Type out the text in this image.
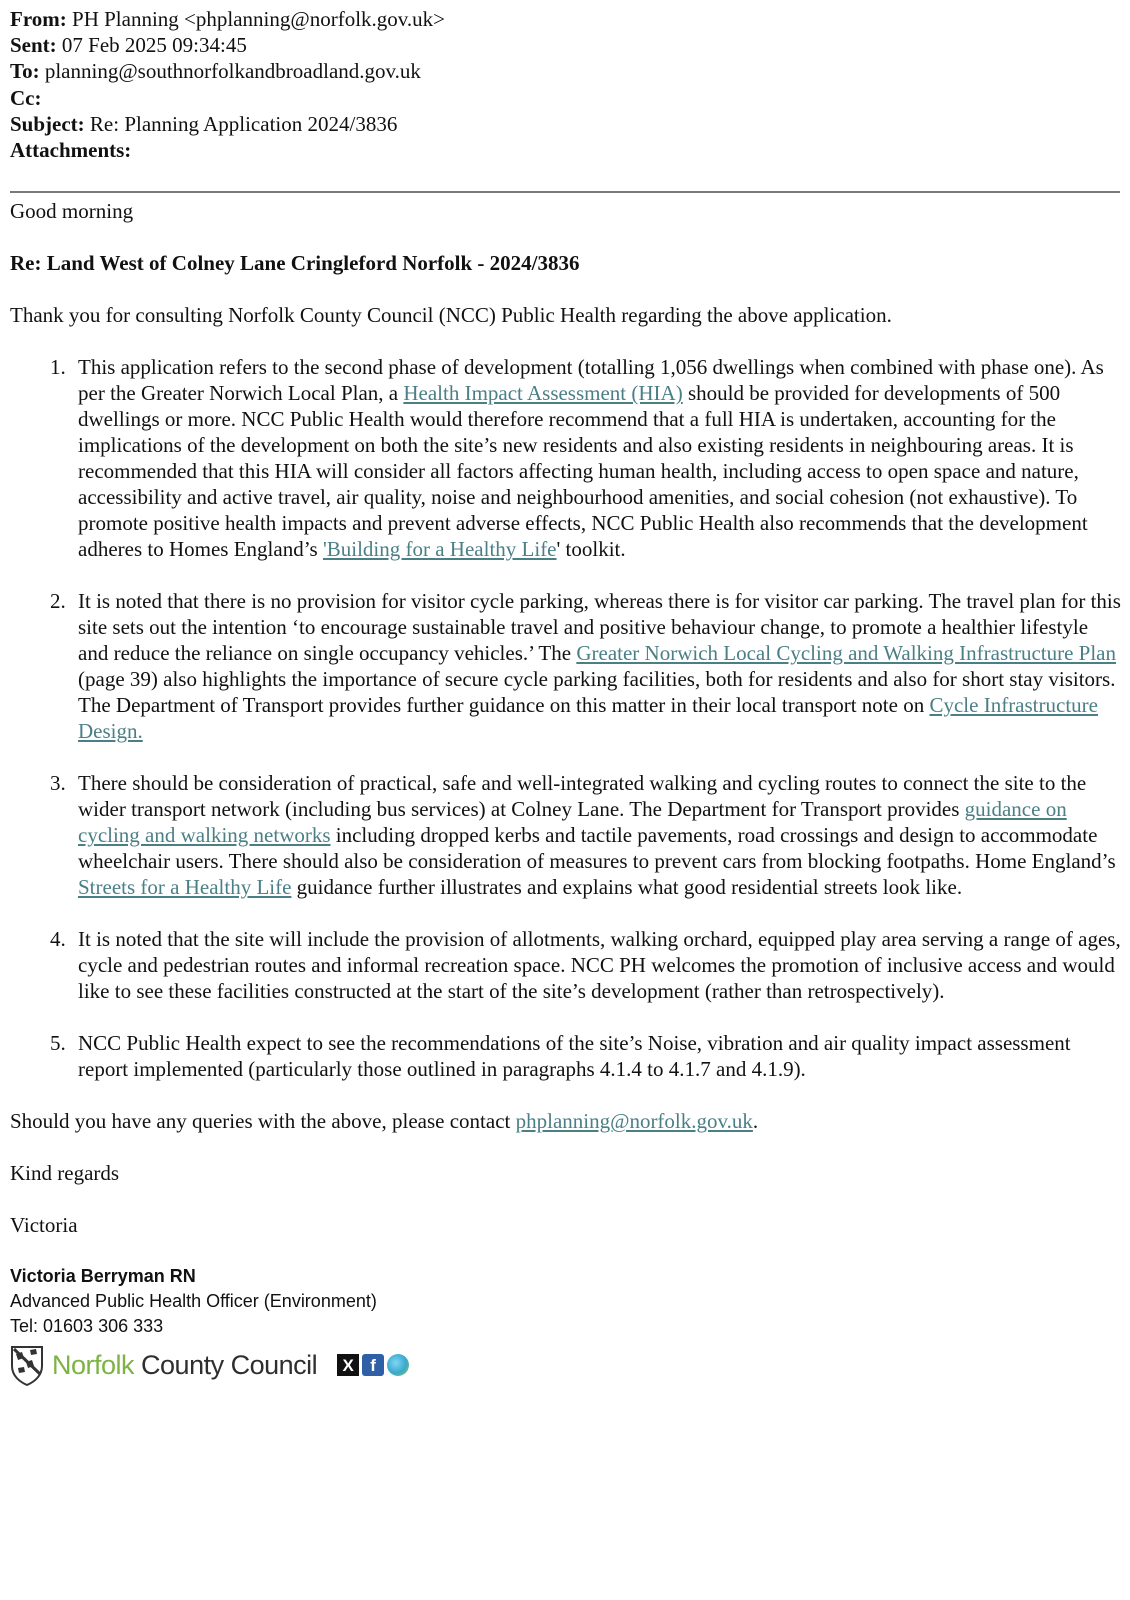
From: PH Planning <phplanning@norfolk.gov.uk>
Sent: 07 Feb 2025 09:34:45
To: planning@southnorfolkandbroadland.gov.uk
Cc:
Subject: Re: Planning Application 2024/3836
Attachments:

Good morning

Re: Land West of Colney Lane Cringleford Norfolk - 2024/3836

Thank you for consulting Norfolk County Council (NCC) Public Health regarding the above application.

1. This application refers to the second phase of development (totalling 1,056 dwellings when combined with phase one). As per the Greater Norwich Local Plan, a Health Impact Assessment (HIA) should be provided for developments of 500 dwellings or more. NCC Public Health would therefore recommend that a full HIA is undertaken, accounting for the implications of the development on both the site’s new residents and also existing residents in neighbouring areas. It is recommended that this HIA will consider all factors affecting human health, including access to open space and nature, accessibility and active travel, air quality, noise and neighbourhood amenities, and social cohesion (not exhaustive). To promote positive health impacts and prevent adverse effects, NCC Public Health also recommends that the development adheres to Homes England’s 'Building for a Healthy Life' toolkit.
2. It is noted that there is no provision for visitor cycle parking, whereas there is for visitor car parking. The travel plan for this site sets out the intention ‘to encourage sustainable travel and positive behaviour change, to promote a healthier lifestyle and reduce the reliance on single occupancy vehicles.’ The Greater Norwich Local Cycling and Walking Infrastructure Plan (page 39) also highlights the importance of secure cycle parking facilities, both for residents and also for short stay visitors. The Department of Transport provides further guidance on this matter in their local transport note on Cycle Infrastructure Design.
3. There should be consideration of practical, safe and well-integrated walking and cycling routes to connect the site to the wider transport network (including bus services) at Colney Lane. The Department for Transport provides guidance on cycling and walking networks including dropped kerbs and tactile pavements, road crossings and design to accommodate wheelchair users. There should also be consideration of measures to prevent cars from blocking footpaths. Home England’s Streets for a Healthy Life guidance further illustrates and explains what good residential streets look like.
4. It is noted that the site will include the provision of allotments, walking orchard, equipped play area serving a range of ages, cycle and pedestrian routes and informal recreation space. NCC PH welcomes the promotion of inclusive access and would like to see these facilities constructed at the start of the site’s development (rather than retrospectively).
5. NCC Public Health expect to see the recommendations of the site’s Noise, vibration and air quality impact assessment report implemented (particularly those outlined in paragraphs 4.1.4 to 4.1.7 and 4.1.9).

Should you have any queries with the above, please contact phplanning@norfolk.gov.uk.

Kind regards

Victoria

Victoria Berryman RN
Advanced Public Health Officer (Environment)
Tel: 01603 306 333
Norfolk County Council	X f
